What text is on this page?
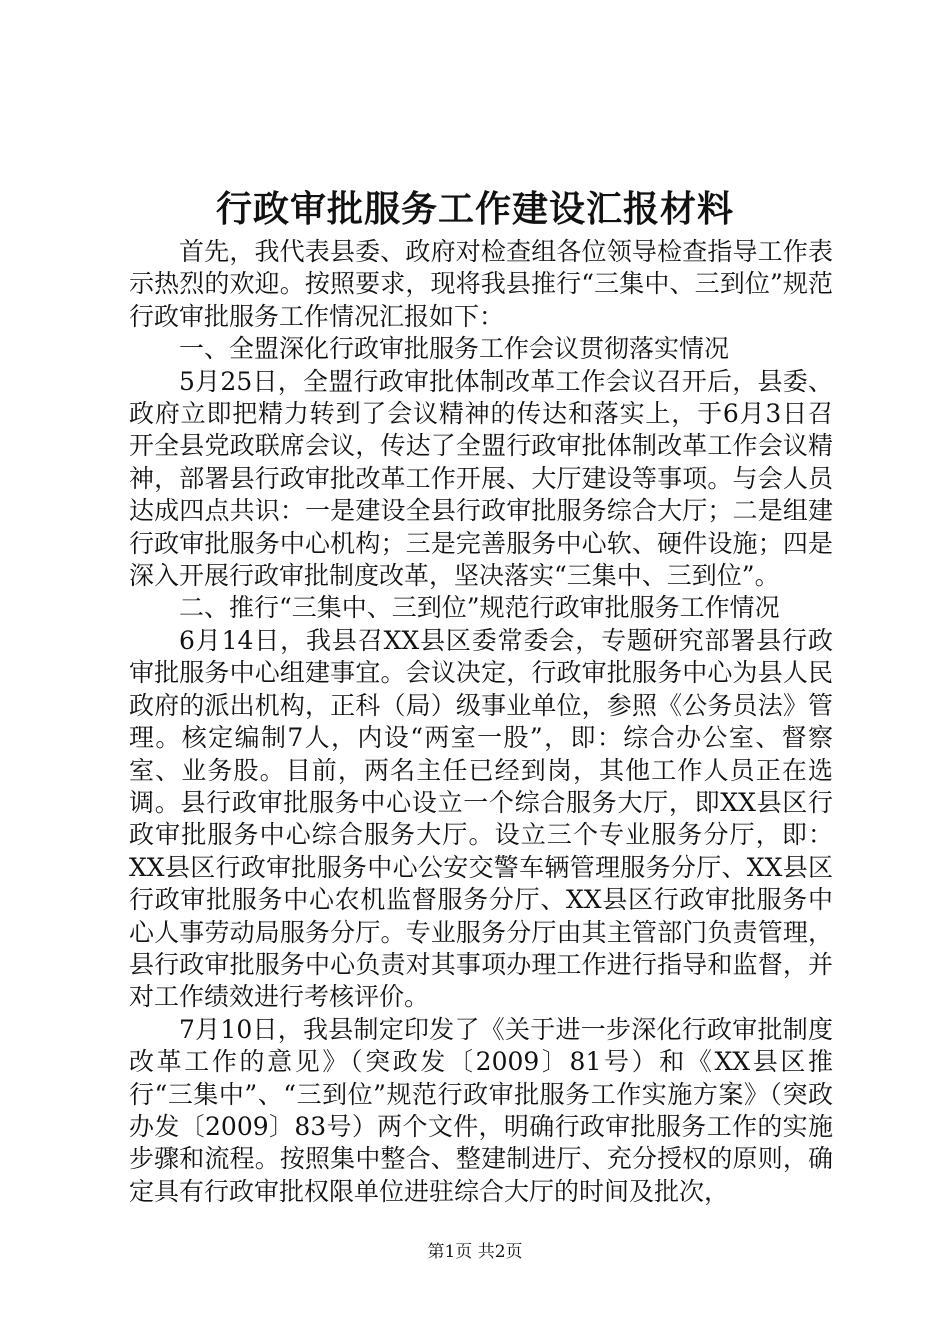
行政审批服务工作建设汇报材料

首先，我代表县委、政府对检查组各位领导检查指导工作表示热烈的欢迎。按照要求，现将我县推行“三集中、三到位”规范行政审批服务工作情况汇报如下：

一、全盟深化行政审批服务工作会议贯彻落实情况

5月25日，全盟行政审批体制改革工作会议召开后，县委、政府立即把精力转到了会议精神的传达和落实上，于6月3日召开全县党政联席会议，传达了全盟行政审批体制改革工作会议精神，部署县行政审批改革工作开展、大厅建设等事项。与会人员达成四点共识：一是建设全县行政审批服务综合大厅；二是组建行政审批服务中心机构；三是完善服务中心软、硬件设施；四是深入开展行政审批制度改革，坚决落实“三集中、三到位”。

二、推行“三集中、三到位”规范行政审批服务工作情况

6月14日，我县召XX县区委常委会，专题研究部署县行政审批服务中心组建事宜。会议决定，行政审批服务中心为县人民政府的派出机构，正科（局）级事业单位，参照《公务员法》管理。核定编制7人，内设“两室一股”，即：综合办公室、督察室、业务股。目前，两名主任已经到岗，其他工作人员正在选调。县行政审批服务中心设立一个综合服务大厅，即XX县区行政审批服务中心综合服务大厅。设立三个专业服务分厅，即：XX县区行政审批服务中心公安交警车辆管理服务分厅、XX县区行政审批服务中心农机监督服务分厅、XX县区行政审批服务中心人事劳动局服务分厅。专业服务分厅由其主管部门负责管理，县行政审批服务中心负责对其事项办理工作进行指导和监督，并对工作绩效进行考核评价。

7月10日，我县制定印发了《关于进一步深化行政审批制度改革工作的意见》（突政发〔2009〕81号）和《XX县区推行“三集中”、“三到位”规范行政审批服务工作实施方案》（突政办发〔2009〕83号）两个文件，明确行政审批服务工作的实施步骤和流程。按照集中整合、整建制进厅、充分授权的原则，确定具有行政审批权限单位进驻综合大厅的时间及批次，

第1页 共2页
